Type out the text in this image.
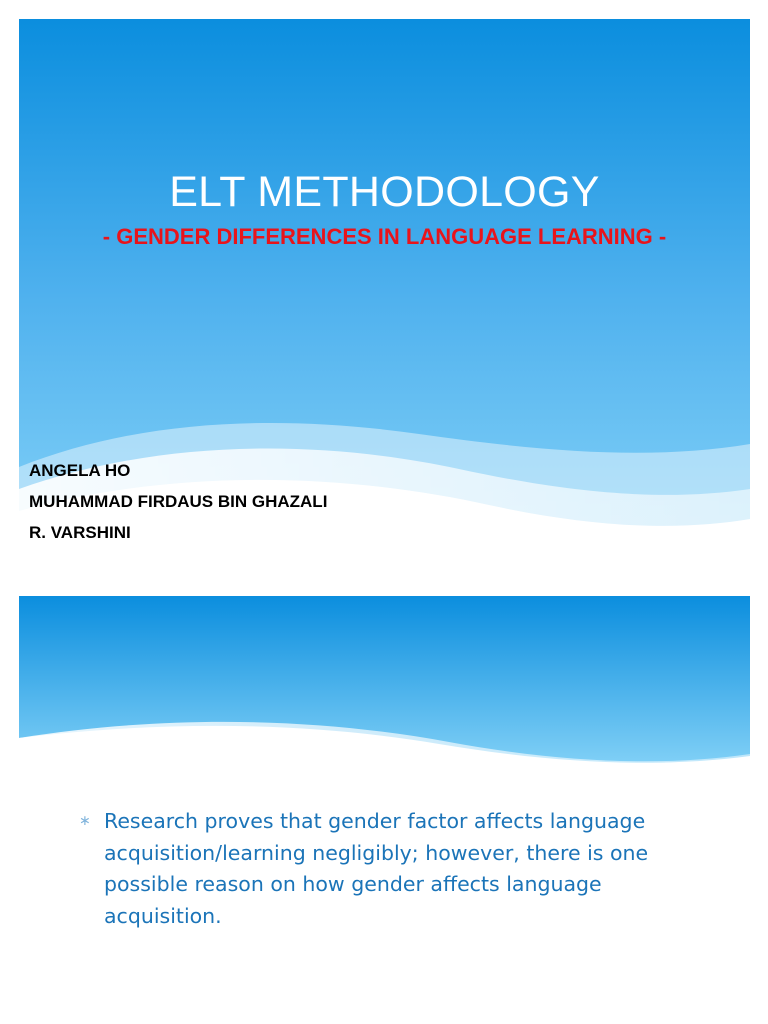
ELT METHODOLOGY

- GENDER DIFFERENCES IN LANGUAGE LEARNING -

ANGELA HO
MUHAMMAD FIRDAUS BIN GHAZALI
R. VARSHINI
∗ Research proves that gender factor affects language acquisition/learning negligibly; however, there is one possible reason on how gender affects language acquisition.
